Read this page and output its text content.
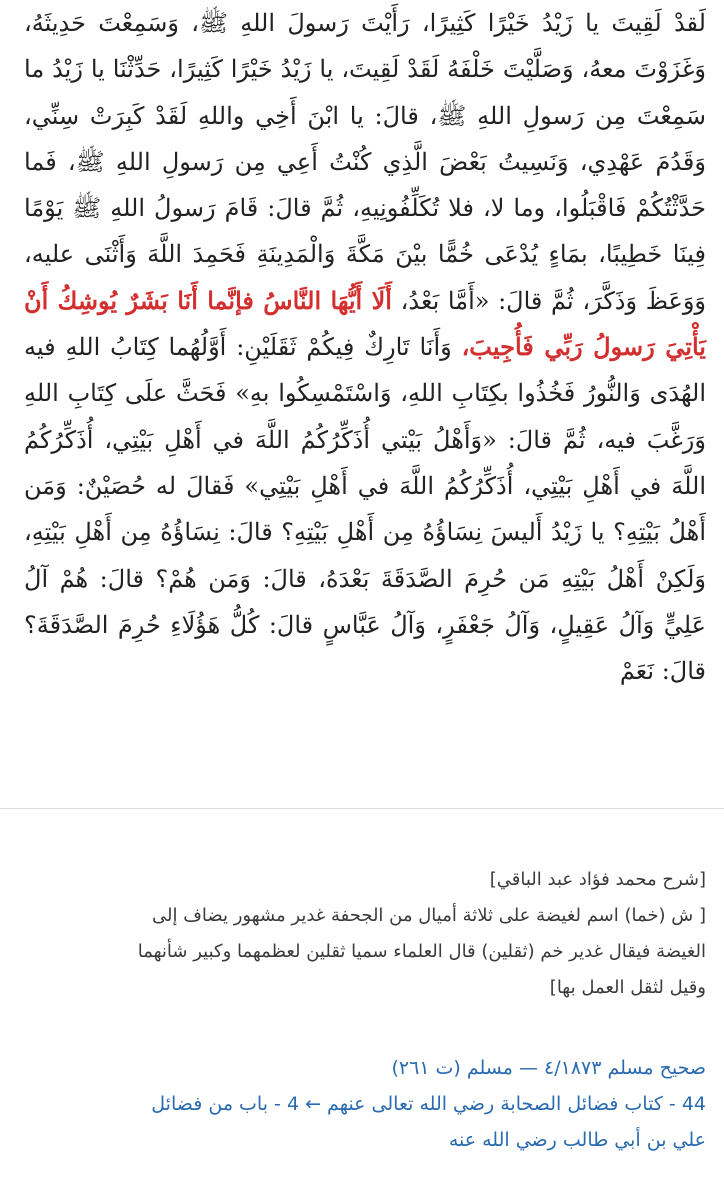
لَقدْ لَقِيتَ يا زَيْدُ خَيْرًا كَثِيرًا، رَأَيْتَ رَسولَ اللهِ ﷺ، وَسَمِعْتَ حَدِيثَهُ، وَغَزَوْتَ معهُ، وَصَلَّيْتَ خَلْفَهُ لَقَدْ لَقِيتَ، يا زَيْدُ خَيْرًا كَثِيرًا، حَدِّثْنَا يا زَيْدُ ما سَمِعْتَ مِن رَسولِ اللهِ ﷺ، قالَ: يا ابْنَ أَخِي واللهِ لَقَدْ كَبِرَتْ سِنِّي، وَقَدُمَ عَهْدِي، وَنَسِيتُ بَعْضَ الَّذِي كُنْتُ أَعِي مِن رَسولِ اللهِ ﷺ، فَما حَدَّثْتُكُمْ فَاقْبَلُوا، وما لا، فلا تُكَلِّفُونِيهِ، ثُمَّ قالَ: قَامَ رَسولُ اللهِ ﷺ يَوْمًا فِينَا خَطِيبًا، بمَاءٍ يُدْعَى خُمًّا بيْنَ مَكَّةَ وَالْمَدِينَةِ فَحَمِدَ اللَّهَ وَأَثْنَى عليه، وَوَعَظَ وَذَكَّرَ، ثُمَّ قالَ: «أَمَّا بَعْدُ، أَلَا أَيُّهَا النَّاسُ فإنَّما أَنَا بَشَرٌ يُوشِكُ أَنْ يَأْتِيَ رَسولُ رَبِّي فَأُجِيبَ، وَأَنَا تَارِكٌ فِيكُمْ ثَقَلَيْنِ: أَوَّلُهُما كِتَابُ اللهِ فيه الهُدَى وَالنُّورُ فَخُذُوا بكِتَابِ اللهِ، وَاسْتَمْسِكُوا بهِ» فَحَثَّ علَى كِتَابِ اللهِ وَرَغَّبَ فيه، ثُمَّ قالَ: «وَأَهْلُ بَيْتي أُذَكِّرُكُمُ اللَّهَ في أَهْلِ بَيْتِي، أُذَكِّرُكُمُ اللَّهَ في أَهْلِ بَيْتِي، أُذَكِّرُكُمُ اللَّهَ في أَهْلِ بَيْتِي» فَقالَ له حُصَيْنٌ: وَمَن أَهْلُ بَيْتِهِ؟ يا زَيْدُ أَليسَ نِسَاؤُهُ مِن أَهْلِ بَيْتِهِ؟ قالَ: نِسَاؤُهُ مِن أَهْلِ بَيْتِهِ، وَلَكِنْ أَهْلُ بَيْتِهِ مَن حُرِمَ الصَّدَقَةَ بَعْدَهُ، قالَ: وَمَن هُمْ؟ قالَ: هُمْ آلُ عَلِيٍّ وَآلُ عَقِيلٍ، وَآلُ جَعْفَرٍ، وَآلُ عَبَّاسٍ قالَ: كُلُّ هَؤُلَاءِ حُرِمَ الصَّدَقَةَ؟ قالَ: نَعَمْ
[شرح محمد فؤاد عبد الباقي]
[ ش (خما) اسم لغيضة على ثلاثة أميال من الجحفة غدير مشهور يضاف إلى
الغيضة فيقال غدير خم (ثقلين) قال العلماء سميا ثقلين لعظمهما وكبير شأنهما
وقيل لثقل العمل بها]
صحيح مسلم ٤/١٨٧٣ — مسلم (ت ٢٦١)
44 - كتاب فضائل الصحابة رضي الله تعالى عنهم ← 4 - باب من فضائل
علي بن أبي طالب رضي الله عنه
